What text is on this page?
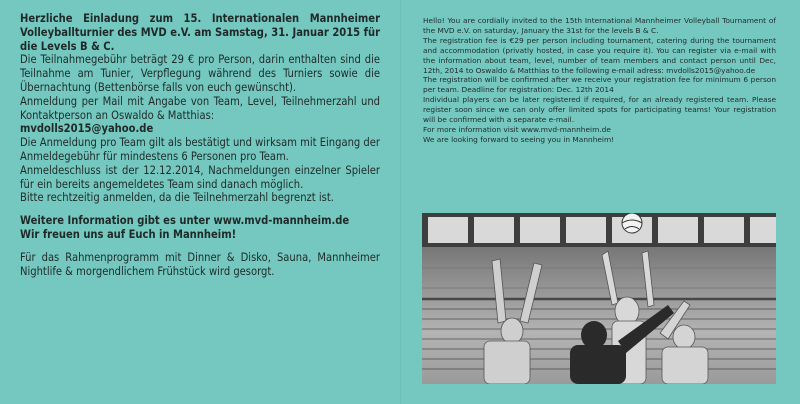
Herzliche Einladung zum 15. Internationalen Mannheimer Volleyballturnier des MVD e.V. am Samstag, 31. Januar 2015 für die Levels B & C.

Die Teilnahmegebühr beträgt 29 € pro Person, darin enthalten sind die Teilnahme am Tunier, Verpflegung während des Turniers sowie die Übernachtung (Bettenbörse falls von euch gewünscht).

Anmeldung per Mail mit Angabe von Team, Level, Teilnehmerzahl und Kontaktperson an Oswaldo & Matthias:

mvdolls2015@yahoo.de

Die Anmeldung pro Team gilt als bestätigt und wirksam mit Eingang der Anmeldegebühr für mindestens 6 Personen pro Team.

Anmeldeschluss ist der 12.12.2014, Nachmeldungen einzelner Spieler für ein bereits angemeldetes Team sind danach möglich.

Bitte rechtzeitig anmelden, da die Teilnehmerzahl begrenzt ist.

Weitere Information gibt es unter www.mvd-mannheim.de

Wir freuen uns auf Euch in Mannheim!

Für das Rahmenprogramm mit Dinner & Disko, Sauna, Mannheimer Nightlife & morgendlichem Frühstück wird gesorgt.

Hello! You are cordially invited to the 15th International Mannheimer Volleyball Tournament of the MVD e.V. on saturday, January the 31st for the levels B & C.

The registration fee is €29 per person including tournament, catering during the tournament and accommodation (privatly hosted, in case you require it). You can register via e-mail with the information about team, level, number of team members and contact person until Dec, 12th, 2014 to Oswaldo & Matthias to the following e-mail adress: mvdolls2015@yahoo.de

The registration will be confirmed after we receive your registration fee for minimum 6 person per team. Deadline for registration: Dec. 12th 2014

Individual players can be later registered if required, for an already registered team. Please register soon since we can only offer limited spots for participating teams! Your registration will be confirmed with a separate e-mail.

For more information visit www.mvd-mannheim.de

We are looking forward to seeing you in Mannheim!
